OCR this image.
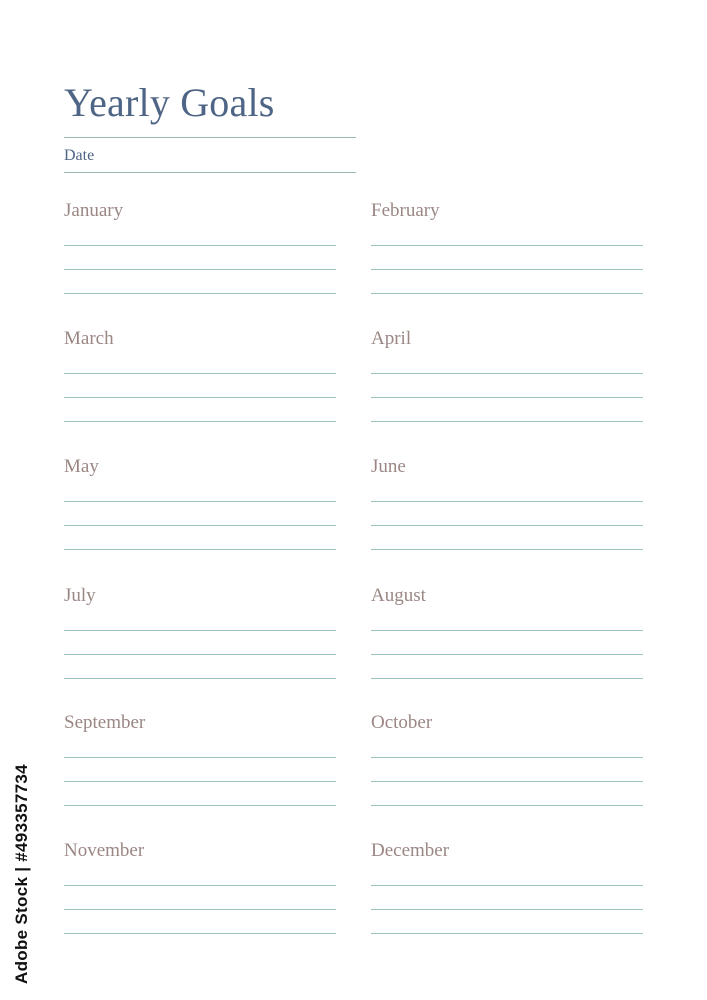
Yearly Goals
Date
January	February
March	April
May	June
July	August
September	October
November	December
Adobe Stock | #493357734
